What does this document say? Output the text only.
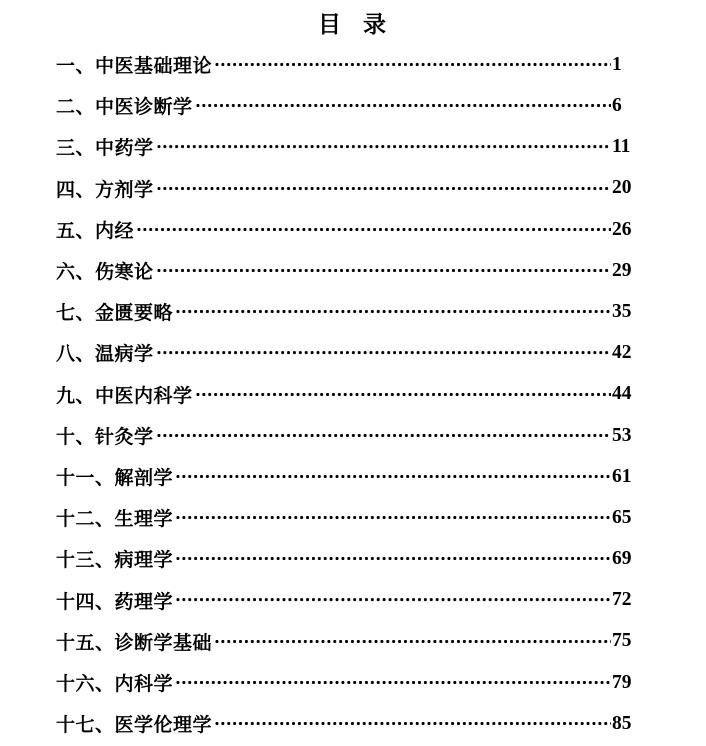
目  录
一、中医基础理论	1
二、中医诊断学	6
三、中药学	11
四、方剂学	20
五、内经	26
六、伤寒论	29
七、金匮要略	35
八、温病学	42
九、中医内科学	44
十、针灸学	53
十一、解剖学	61
十二、生理学	65
十三、病理学	69
十四、药理学	72
十五、诊断学基础	75
十六、内科学	79
十七、医学伦理学	85
